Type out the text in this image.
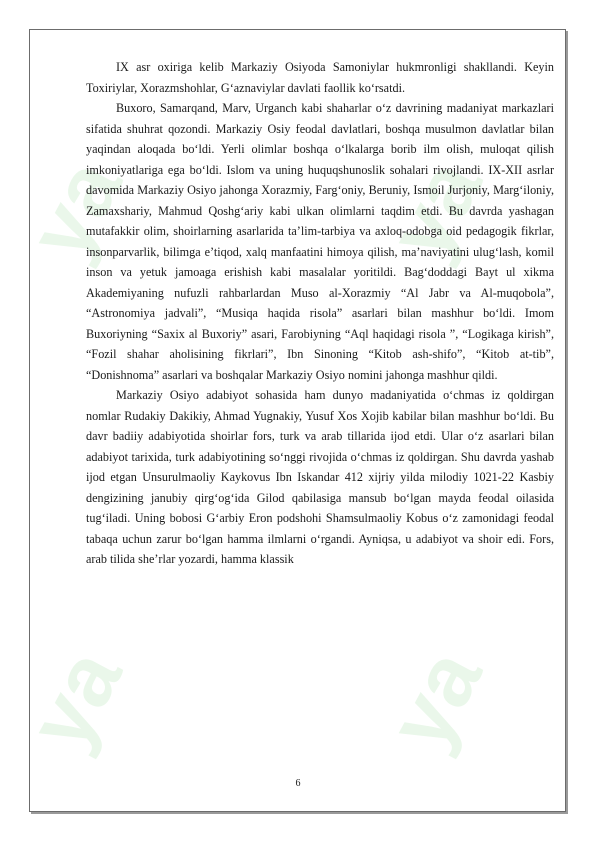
IX asr oxiriga kelib Markaziy Osiyoda Samoniylar hukmronligi shakllandi. Keyin Toxiriylar, Xorazmshohlar, G‘aznaviylar davlati faollik ko‘rsatdi.

Buxoro, Samarqand, Marv, Urganch kabi shaharlar o‘z davrining madaniyat markazlari sifatida shuhrat qozondi. Markaziy Osiy feodal davlatlari, boshqa musulmon davlatlar bilan yaqindan aloqada bo‘ldi. Yerli olimlar boshqa o‘lkalarga borib ilm olish, muloqat qilish imkoniyatlariga ega bo‘ldi. Islom va uning huquqshunoslik sohalari rivojlandi. IX-XII asrlar davomida Markaziy Osiyo jahonga Xorazmiy, Farg‘oniy, Beruniy, Ismoil Jurjoniy, Marg‘iloniy, Zamaxshariy, Mahmud Qoshg‘ariy kabi ulkan olimlarni taqdim etdi. Bu davrda yashagan mutafakkir olim, shoirlarning asarlarida ta’lim-tarbiya va axloq-odobga oid pedagogik fikrlar, insonparvarlik, bilimga e’tiqod, xalq manfaatini himoya qilish, ma’naviyatini ulug‘lash, komil inson va yetuk jamoaga erishish kabi masalalar yoritildi. Bag‘doddagi Bayt ul xikma Akademiyaning nufuzli rahbarlardan Muso al-Xorazmiy “Al Jabr va Al-muqobola”, “Astronomiya jadvali”, “Musiqa haqida risola” asarlari bilan mashhur bo‘ldi. Imom Buxoriyning “Saxix al Buxoriy” asari, Farobiyning “Aql haqidagi risola ”, “Logikaga kirish”, “Fozil shahar aholisining fikrlari”, Ibn Sinoning “Kitob ash-shifo”, “Kitob at-tib”, “Donishnoma” asarlari va boshqalar Markaziy Osiyo nomini jahonga mashhur qildi.

Markaziy Osiyo adabiyot sohasida ham dunyo madaniyatida o‘chmas iz qoldirgan nomlar Rudakiy Dakikiy, Ahmad Yugnakiy, Yusuf Xos Xojib kabilar bilan mashhur bo‘ldi. Bu davr badiiy adabiyotida shoirlar fors, turk va arab tillarida ijod etdi. Ular o‘z asarlari bilan adabiyot tarixida, turk adabiyotining so‘nggi rivojida o‘chmas iz qoldirgan. Shu davrda yashab ijod etgan Unsurulmaoliy Kaykovus Ibn Iskandar 412 xijriy yilda milodiy 1021-22 Kasbiy dengizining janubiy qirg‘og‘ida Gilod qabilasiga mansub bo‘lgan mayda feodal oilasida tug‘iladi. Uning bobosi G‘arbiy Eron podshohi Shamsulmaoliy Kobus o‘z zamonidagi feodal tabaqa uchun zarur bo‘lgan hamma ilmlarni o‘rgandi. Ayniqsa, u adabiyot va shoir edi. Fors, arab tilida she’rlar yozardi, hamma klassik

6
